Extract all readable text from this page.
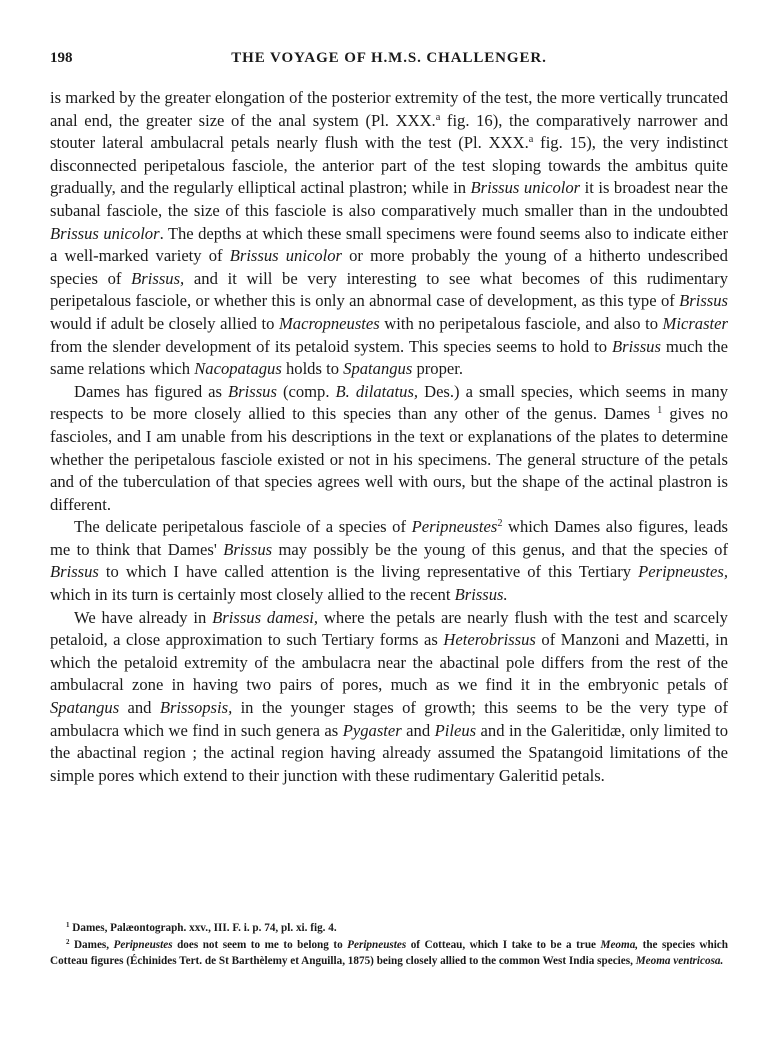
198	THE VOYAGE OF H.M.S. CHALLENGER.

is marked by the greater elongation of the posterior extremity of the test, the more vertically truncated anal end, the greater size of the anal system (Pl. XXX.$^a$ fig. 16), the comparatively narrower and stouter lateral ambulacral petals nearly flush with the test (Pl. XXX.$^a$ fig. 15), the very indistinct disconnected peripetalous fasciole, the anterior part of the test sloping towards the ambitus quite gradually, and the regularly elliptical actinal plastron; while in Brissus unicolor it is broadest near the subanal fasciole, the size of this fasciole is also comparatively much smaller than in the undoubted Brissus unicolor. The depths at which these small specimens were found seems also to indicate either a well-marked variety of Brissus unicolor or more probably the young of a hitherto undescribed species of Brissus, and it will be very interesting to see what becomes of this rudimentary peripetalous fasciole, or whether this is only an abnormal case of development, as this type of Brissus would if adult be closely allied to Macropneustes with no peripetalous fasciole, and also to Micraster from the slender development of its petaloid system. This species seems to hold to Brissus much the same relations which Nacopatagus holds to Spatangus proper.

Dames has figured as Brissus (comp. B. dilatatus, Des.) a small species, which seems in many respects to be more closely allied to this species than any other of the genus. Dames $^1$ gives no fascioles, and I am unable from his descriptions in the text or explanations of the plates to determine whether the peripetalous fasciole existed or not in his specimens. The general structure of the petals and of the tuberculation of that species agrees well with ours, but the shape of the actinal plastron is different.

The delicate peripetalous fasciole of a species of Peripneustes$^2$ which Dames also figures, leads me to think that Dames' Brissus may possibly be the young of this genus, and that the species of Brissus to which I have called attention is the living representative of this Tertiary Peripneustes, which in its turn is certainly most closely allied to the recent Brissus.

We have already in Brissus damesi, where the petals are nearly flush with the test and scarcely petaloid, a close approximation to such Tertiary forms as Heterobrissus of Manzoni and Mazetti, in which the petaloid extremity of the ambulacra near the abactinal pole differs from the rest of the ambulacral zone in having two pairs of pores, much as we find it in the embryonic petals of Spatangus and Brissopsis, in the younger stages of growth; this seems to be the very type of ambulacra which we find in such genera as Pygaster and Pileus and in the Galeritidæ, only limited to the abactinal region ; the actinal region having already assumed the Spatangoid limitations of the simple pores which extend to their junction with these rudimentary Galeritid petals.

$^1$ Dames, Palæontograph. xxv., III. F. i. p. 74, pl. xi. fig. 4.

$^2$ Dames, Peripneustes does not seem to me to belong to Peripneustes of Cotteau, which I take to be a true Meoma, the species which Cotteau figures (Échinides Tert. de St Barthèlemy et Anguilla, 1875) being closely allied to the common West India species, Meoma ventricosa.
